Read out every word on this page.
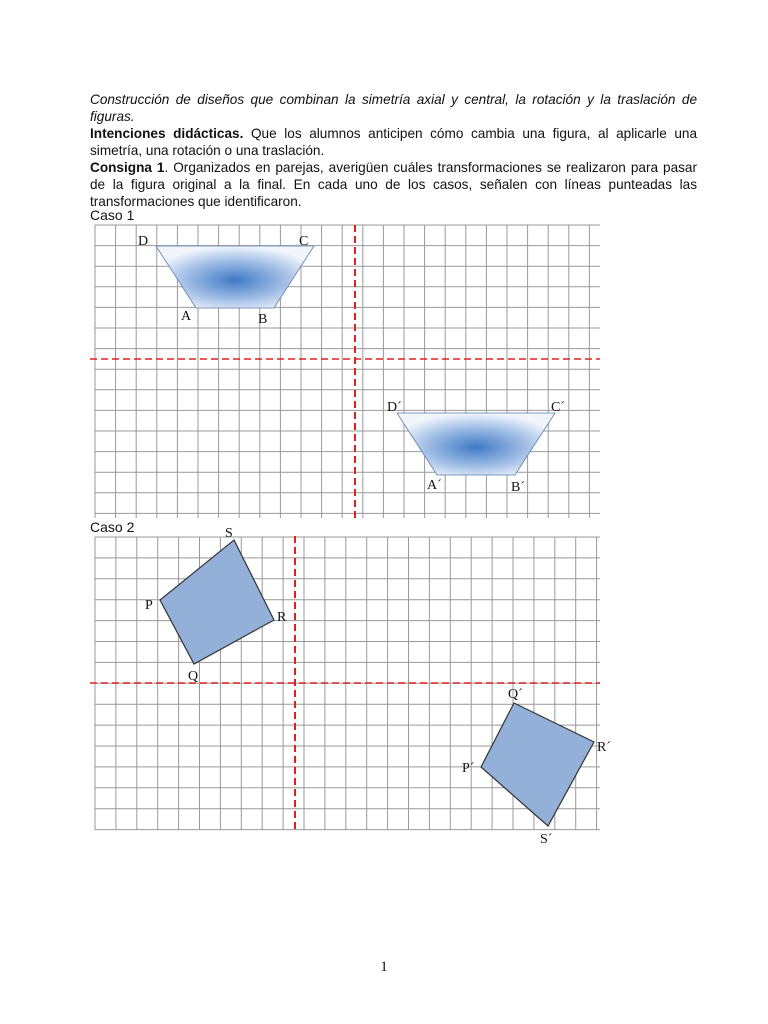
Construcción de diseños que combinan la simetría axial y central, la rotación y la traslación de figuras.

Intenciones didácticas. Que los alumnos anticipen cómo cambia una figura, al aplicarle una simetría, una rotación o una traslación.

Consigna 1. Organizados en parejas, averigüen cuáles transformaciones se realizaron para pasar de la figura original a la final. En cada uno de los casos, señalen con líneas punteadas las transformaciones que identificaron.

Caso 1
Caso 2
D	C
A	B
D´	C´
A´	B´
S
P
R
Q
Q´
R´
P´
S´
1
